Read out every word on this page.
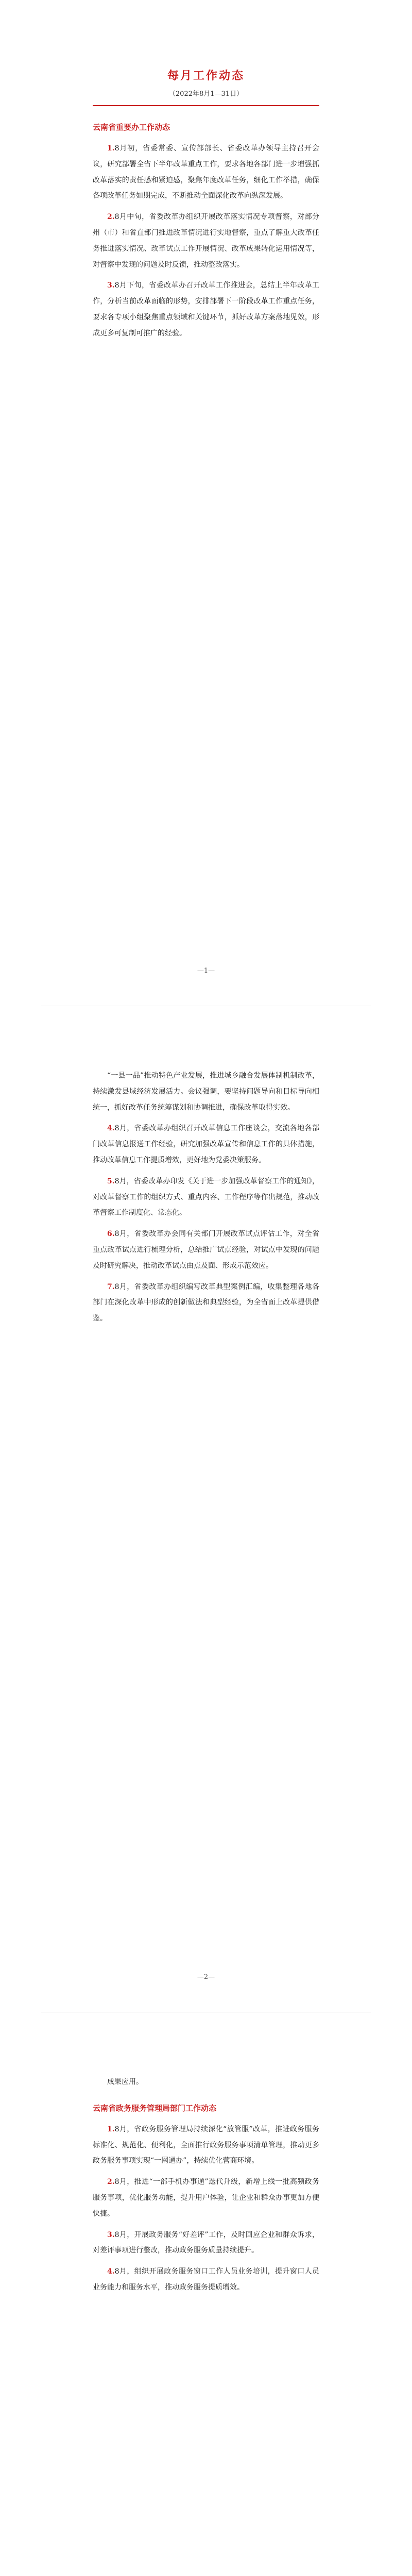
每月工作动态
（2022年8月1—31日）
云南省重要办工作动态

1.8月初，省委常委、宣传部部长、省委改革办领导主持召开会议，研究部署全省下半年改革重点工作，要求各地各部门进一步增强抓改革落实的责任感和紧迫感，聚焦年度改革任务，细化工作举措，确保各项改革任务如期完成，不断推动全面深化改革向纵深发展。

2.8月中旬，省委改革办组织开展改革落实情况专项督察，对部分州（市）和省直部门推进改革情况进行实地督察，重点了解重大改革任务推进落实情况、改革试点工作开展情况、改革成果转化运用情况等，对督察中发现的问题及时反馈，推动整改落实。

3.8月下旬，省委改革办召开改革工作推进会，总结上半年改革工作，分析当前改革面临的形势，安排部署下一阶段改革工作重点任务，要求各专项小组聚焦重点领域和关键环节，抓好改革方案落地见效，形成更多可复制可推广的经验。

—1—

“一县一品”推动特色产业发展，推进城乡融合发展体制机制改革，持续激发县域经济发展活力。会议强调，要坚持问题导向和目标导向相统一，抓好改革任务统筹谋划和协调推进，确保改革取得实效。

4.8月，省委改革办组织召开改革信息工作座谈会，交流各地各部门改革信息报送工作经验，研究加强改革宣传和信息工作的具体措施，推动改革信息工作提质增效，更好地为党委决策服务。

5.8月，省委改革办印发《关于进一步加强改革督察工作的通知》，对改革督察工作的组织方式、重点内容、工作程序等作出规范，推动改革督察工作制度化、常态化。

6.8月，省委改革办会同有关部门开展改革试点评估工作，对全省重点改革试点进行梳理分析，总结推广试点经验，对试点中发现的问题及时研究解决，推动改革试点由点及面、形成示范效应。

7.8月，省委改革办组织编写改革典型案例汇编，收集整理各地各部门在深化改革中形成的创新做法和典型经验，为全省面上改革提供借鉴。

—2—

成果应用。

云南省政务服务管理局部门工作动态

1.8月，省政务服务管理局持续深化“放管服”改革，推进政务服务标准化、规范化、便利化，全面推行政务服务事项清单管理，推动更多政务服务事项实现“一网通办”，持续优化营商环境。

2.8月，推进“一部手机办事通”迭代升级，新增上线一批高频政务服务事项，优化服务功能，提升用户体验，让企业和群众办事更加方便快捷。

3.8月，开展政务服务“好差评”工作，及时回应企业和群众诉求，对差评事项进行整改，推动政务服务质量持续提升。

4.8月，组织开展政务服务窗口工作人员业务培训，提升窗口人员业务能力和服务水平，推动政务服务提质增效。
